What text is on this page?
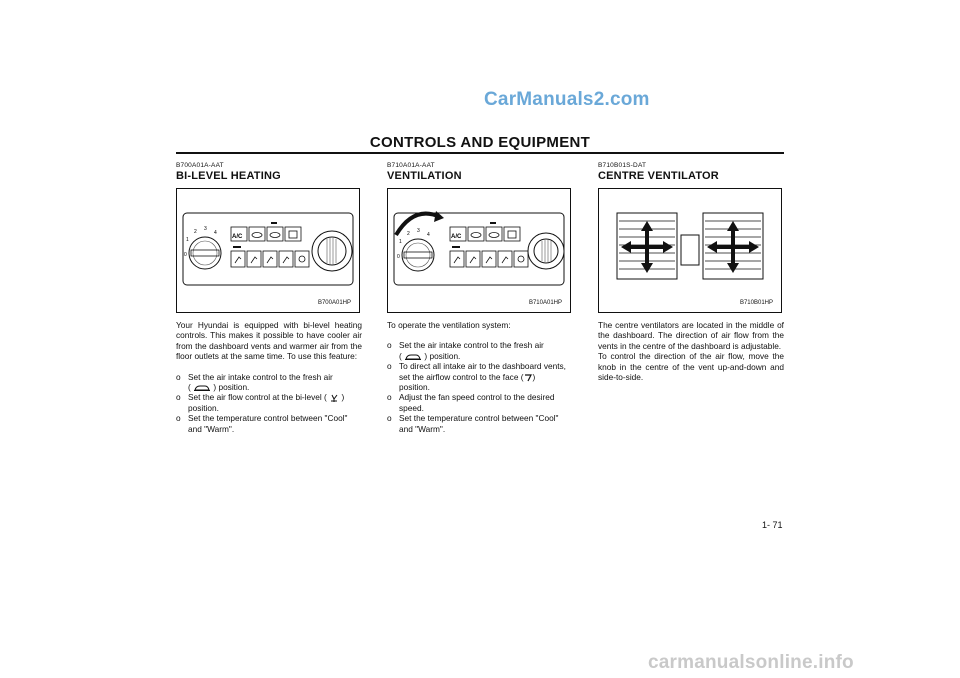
CarManuals2.com
CONTROLS AND EQUIPMENT
B700A01A-AAT
BI-LEVEL HEATING
0
1
2 3
4
A/C
B700A01HP

Your Hyundai is equipped with bi-level heating controls. This makes it possible to have cooler air from the dashboard vents and warmer air from the floor outlets at the same time. To use this feature:

o Set the air intake control to the fresh air
(	) position.
o Set the air flow control at the bi-level ( )
position.
o Set the temperature control between "Cool" and "Warm".
B710A01A-AAT
VENTILATION
0
1
2 3
4	A/C
B710A01HP

To operate the ventilation system:

o Set the air intake control to the fresh air
(	) position.
o To direct all intake air to the dashboard vents, set the airflow control to the face ( )
position.
o Adjust the fan speed control to the desired speed.
o Set the temperature control between "Cool" and "Warm".
B710B01S-DAT
CENTRE VENTILATOR
B710B01HP

The centre ventilators are located in the middle of the dashboard. The direction of air flow from the vents in the centre of the dashboard is adjustable.

To control the direction of the air flow, move the knob in the centre of the vent up-and-down and side-to-side.

1- 71
carmanualsonline.info
